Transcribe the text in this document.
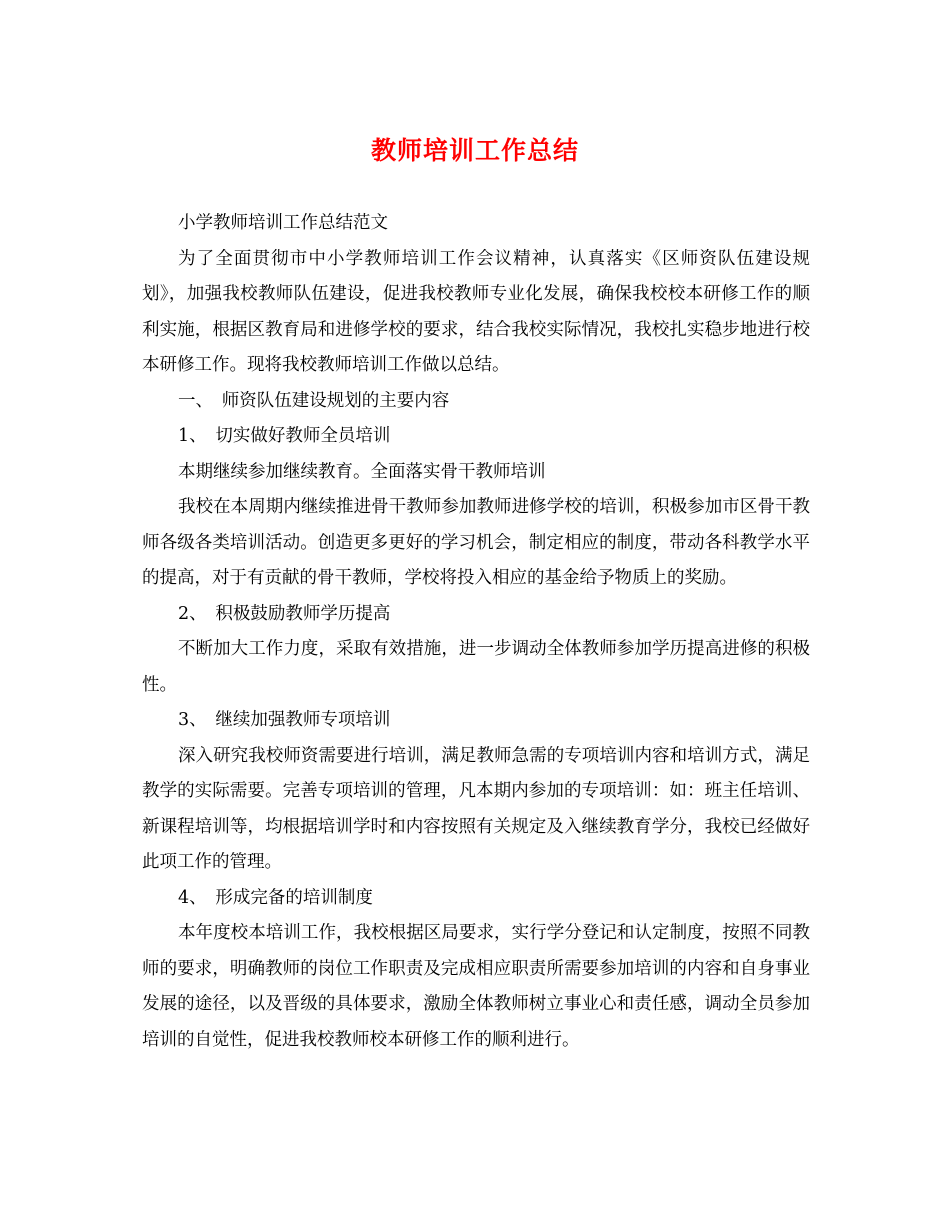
教师培训工作总结

小学教师培训工作总结范文

为了全面贯彻市中小学教师培训工作会议精神，认真落实《区师资队伍建设规划》，加强我校教师队伍建设，促进我校教师专业化发展，确保我校校本研修工作的顺利实施，根据区教育局和进修学校的要求，结合我校实际情况，我校扎实稳步地进行校本研修工作。现将我校教师培训工作做以总结。

一、　师资队伍建设规划的主要内容

1、　切实做好教师全员培训

本期继续参加继续教育。全面落实骨干教师培训

我校在本周期内继续推进骨干教师参加教师进修学校的培训，积极参加市区骨干教师各级各类培训活动。创造更多更好的学习机会，制定相应的制度，带动各科教学水平的提高，对于有贡献的骨干教师，学校将投入相应的基金给予物质上的奖励。

2、　积极鼓励教师学历提高

不断加大工作力度，采取有效措施，进一步调动全体教师参加学历提高进修的积极性。

3、　继续加强教师专项培训

深入研究我校师资需要进行培训，满足教师急需的专项培训内容和培训方式，满足教学的实际需要。完善专项培训的管理，凡本期内参加的专项培训：如：班主任培训、新课程培训等，均根据培训学时和内容按照有关规定及入继续教育学分，我校已经做好此项工作的管理。

4、　形成完备的培训制度

本年度校本培训工作，我校根据区局要求，实行学分登记和认定制度，按照不同教师的要求，明确教师的岗位工作职责及完成相应职责所需要参加培训的内容和自身事业发展的途径，以及晋级的具体要求，激励全体教师树立事业心和责任感，调动全员参加培训的自觉性，促进我校教师校本研修工作的顺利进行。
